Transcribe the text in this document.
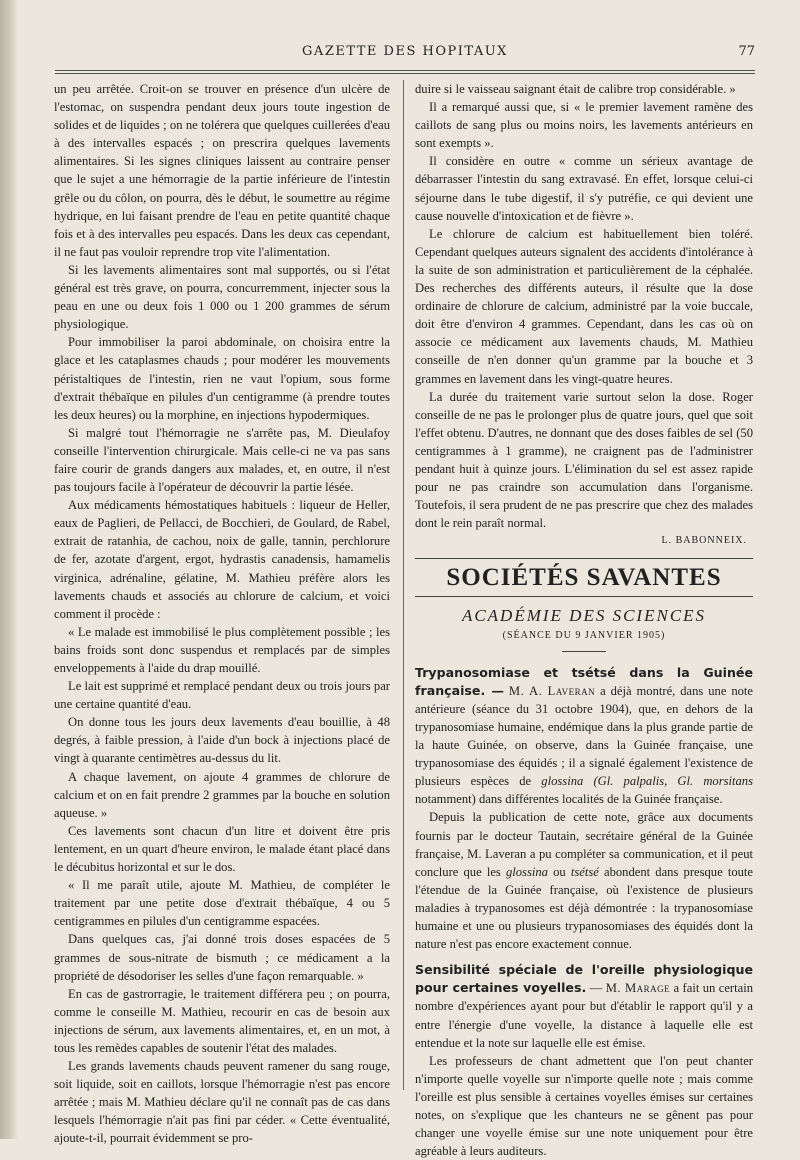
GAZETTE DES HOPITAUX	77

un peu arrêtée. Croit-on se trouver en présence d'un ulcère de l'estomac, on suspendra pendant deux jours toute ingestion de solides et de liquides ; on ne tolérera que quelques cuillerées d'eau à des intervalles espacés ; on prescrira quelques lavements alimentaires. Si les signes cliniques laissent au contraire penser que le sujet a une hémorragie de la partie inférieure de l'intestin grêle ou du côlon, on pourra, dès le début, le soumettre au régime hydrique, en lui faisant prendre de l'eau en petite quantité chaque fois et à des intervalles peu espacés. Dans les deux cas cependant, il ne faut pas vouloir reprendre trop vite l'alimentation.

Si les lavements alimentaires sont mal supportés, ou si l'état général est très grave, on pourra, concurremment, injecter sous la peau en une ou deux fois 1 000 ou 1 200 grammes de sérum physiologique.

Pour immobiliser la paroi abdominale, on choisira entre la glace et les cataplasmes chauds ; pour modérer les mouvements péristaltiques de l'intestin, rien ne vaut l'opium, sous forme d'extrait thébaïque en pilules d'un centigramme (à prendre toutes les deux heures) ou la morphine, en injections hypodermiques.

Si malgré tout l'hémorragie ne s'arrête pas, M. Dieulafoy conseille l'intervention chirurgicale. Mais celle-ci ne va pas sans faire courir de grands dangers aux malades, et, en outre, il n'est pas toujours facile à l'opérateur de découvrir la partie lésée.

Aux médicaments hémostatiques habituels : liqueur de Heller, eaux de Paglieri, de Pellacci, de Bocchieri, de Goulard, de Rabel, extrait de ratanhia, de cachou, noix de galle, tannin, perchlorure de fer, azotate d'argent, ergot, hydrastis canadensis, hamamelis virginica, adrénaline, gélatine, M. Mathieu préfère alors les lavements chauds et associés au chlorure de calcium, et voici comment il procède :

« Le malade est immobilisé le plus complètement possible ; les bains froids sont donc suspendus et remplacés par de simples enveloppements à l'aide du drap mouillé.

Le lait est supprimé et remplacé pendant deux ou trois jours par une certaine quantité d'eau.

On donne tous les jours deux lavements d'eau bouillie, à 48 degrés, à faible pression, à l'aide d'un bock à injections placé de vingt à quarante centimètres au-dessus du lit.

A chaque lavement, on ajoute 4 grammes de chlorure de calcium et on en fait prendre 2 grammes par la bouche en solution aqueuse. »

Ces lavements sont chacun d'un litre et doivent être pris lentement, en un quart d'heure environ, le malade étant placé dans le décubitus horizontal et sur le dos.

« Il me paraît utile, ajoute M. Mathieu, de compléter le traitement par une petite dose d'extrait thébaïque, 4 ou 5 centigrammes en pilules d'un centigramme espacées.

Dans quelques cas, j'ai donné trois doses espacées de 5 grammes de sous-nitrate de bismuth ; ce médicament a la propriété de désodoriser les selles d'une façon remarquable. »

En cas de gastrorragie, le traitement différera peu ; on pourra, comme le conseille M. Mathieu, recourir en cas de besoin aux injections de sérum, aux lavements alimentaires, et, en un mot, à tous les remèdes capables de soutenir l'état des malades.

Les grands lavements chauds peuvent ramener du sang rouge, soit liquide, soit en caillots, lorsque l'hémorragie n'est pas encore arrêtée ; mais M. Mathieu déclare qu'il ne connaît pas de cas dans lesquels l'hémorragie n'ait pas fini par céder. « Cette éventualité, ajoute-t-il, pourrait évidemment se pro-

duire si le vaisseau saignant était de calibre trop considérable. »

Il a remarqué aussi que, si « le premier lavement ramène des caillots de sang plus ou moins noirs, les lavements antérieurs en sont exempts ».

Il considère en outre « comme un sérieux avantage de débarrasser l'intestin du sang extravasé. En effet, lorsque celui-ci séjourne dans le tube digestif, il s'y putréfie, ce qui devient une cause nouvelle d'intoxication et de fièvre ».

Le chlorure de calcium est habituellement bien toléré. Cependant quelques auteurs signalent des accidents d'intolérance à la suite de son administration et particulièrement de la céphalée. Des recherches des différents auteurs, il résulte que la dose ordinaire de chlorure de calcium, administré par la voie buccale, doit être d'environ 4 grammes. Cependant, dans les cas où on associe ce médicament aux lavements chauds, M. Mathieu conseille de n'en donner qu'un gramme par la bouche et 3 grammes en lavement dans les vingt-quatre heures.

La durée du traitement varie surtout selon la dose. Roger conseille de ne pas le prolonger plus de quatre jours, quel que soit l'effet obtenu. D'autres, ne donnant que des doses faibles de sel (50 centigrammes à 1 gramme), ne craignent pas de l'administrer pendant huit à quinze jours. L'élimination du sel est assez rapide pour ne pas craindre son accumulation dans l'organisme. Toutefois, il sera prudent de ne pas prescrire que chez des malades dont le rein paraît normal.

L. BABONNEIX.
SOCIÉTÉS SAVANTES
ACADÉMIE DES SCIENCES
(SÉANCE DU 9 JANVIER 1905)

Trypanosomiase et tsétsé dans la Guinée française. — M. A. Laveran a déjà montré, dans une note antérieure (séance du 31 octobre 1904), que, en dehors de la trypanosomiase humaine, endémique dans la plus grande partie de la haute Guinée, on observe, dans la Guinée française, une trypanosomiase des équidés ; il a signalé également l'existence de plusieurs espèces de glossina (Gl. palpalis, Gl. morsitans notamment) dans différentes localités de la Guinée française.

Depuis la publication de cette note, grâce aux documents fournis par le docteur Tautain, secrétaire général de la Guinée française, M. Laveran a pu compléter sa communication, et il peut conclure que les glossina ou tsétsé abondent dans presque toute l'étendue de la Guinée française, où l'existence de plusieurs maladies à trypanosomes est déjà démontrée : la trypanosomiase humaine et une ou plusieurs trypanosomiases des équidés dont la nature n'est pas encore exactement connue.

Sensibilité spéciale de l'oreille physiologique pour certaines voyelles. — M. Marage a fait un certain nombre d'expériences ayant pour but d'établir le rapport qu'il y a entre l'énergie d'une voyelle, la distance à laquelle elle est entendue et la note sur laquelle elle est émise.

Les professeurs de chant admettent que l'on peut chanter n'importe quelle voyelle sur n'importe quelle note ; mais comme l'oreille est plus sensible à certaines voyelles émises sur certaines notes, on s'explique que les chanteurs ne se gênent pas pour changer une voyelle émise sur une note uniquement pour être agréable à leurs auditeurs.
